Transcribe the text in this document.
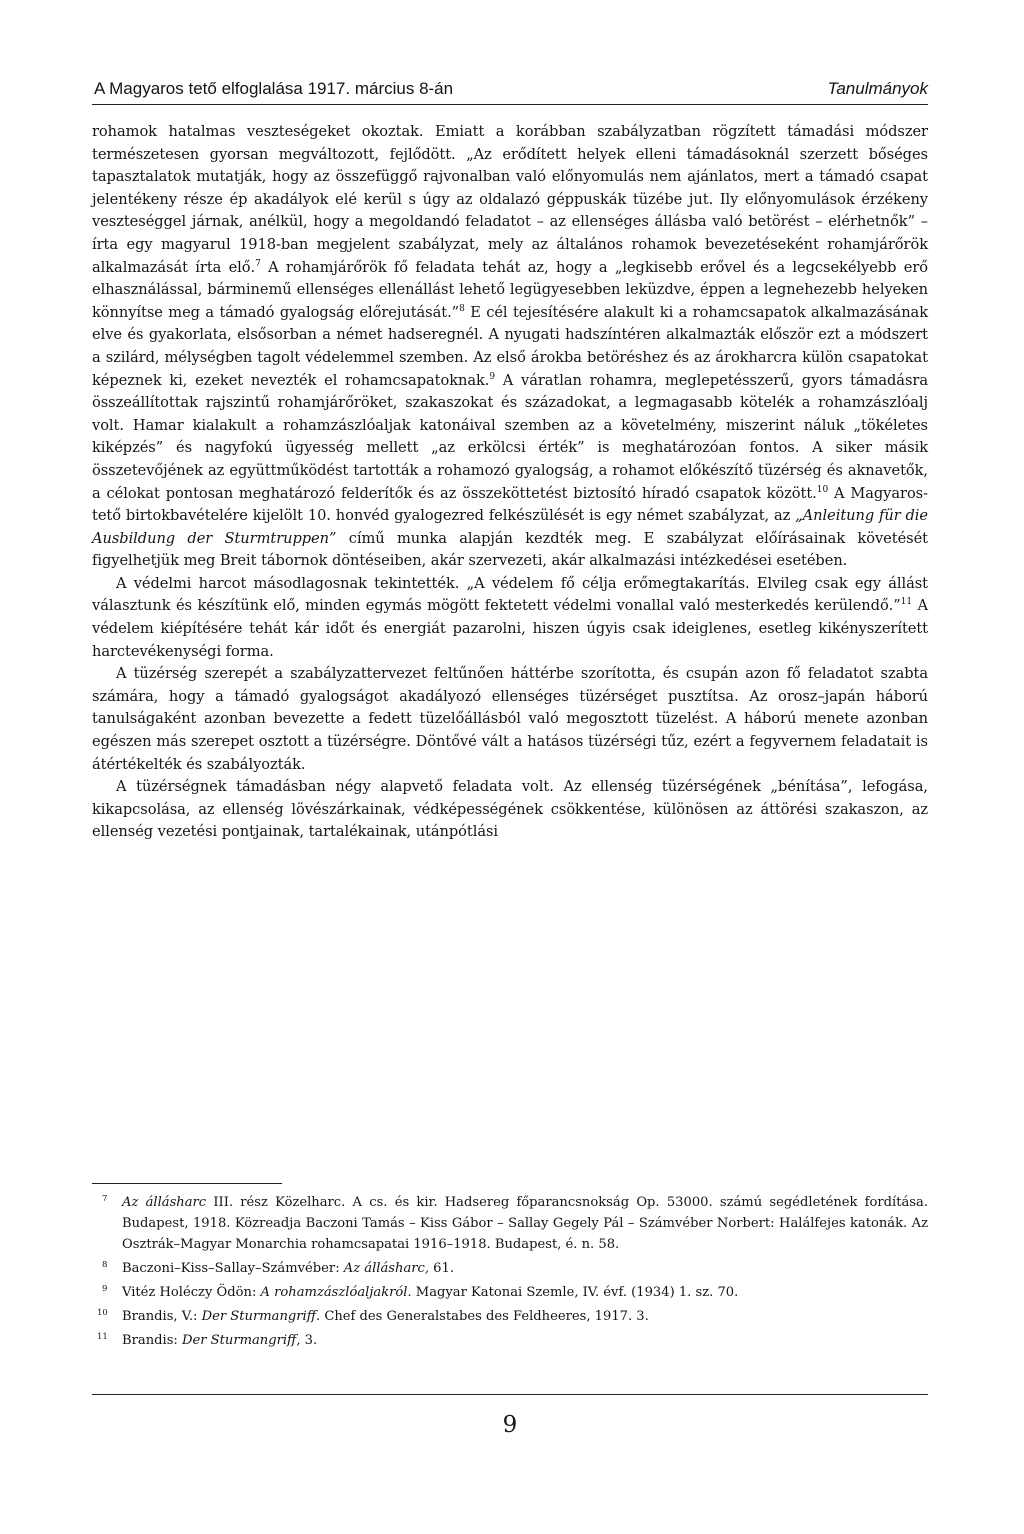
A Magyaros tető elfoglalása 1917. március 8-án	Tanulmányok

rohamok hatalmas veszteségeket okoztak. Emiatt a korábban szabályzatban rögzített támadási módszer természetesen gyorsan megváltozott, fejlődött. „Az erődített helyek elleni támadásoknál szerzett bőséges tapasztalatok mutatják, hogy az összefüggő rajvonalban való előnyomulás nem ajánlatos, mert a támadó csapat jelentékeny része ép akadályok elé kerül s úgy az oldalazó géppuskák tüzébe jut. Ily előnyomulások érzékeny veszteséggel járnak, anélkül, hogy a megoldandó feladatot – az ellenséges állásba való betörést – elérhetnők” – írta egy magyarul 1918-ban megjelent szabályzat, mely az általános rohamok bevezetéseként rohamjárőrök alkalmazását írta elő.$^7$ A rohamjárőrök fő feladata tehát az, hogy a „legkisebb erővel és a legcsekélyebb erő elhasználással, bárminemű ellenséges ellenállást lehető legügyesebben leküzdve, éppen a legnehezebb helyeken könnyítse meg a támadó gyalogság előrejutását.”$^8$ E cél tejesítésére alakult ki a rohamcsapatok alkalmazásának elve és gyakorlata, elsősorban a német hadseregnél. A nyugati hadszíntéren alkalmazták először ezt a módszert a szilárd, mélységben tagolt védelemmel szemben. Az első árokba betöréshez és az árokharcra külön csapatokat képeznek ki, ezeket nevezték el rohamcsapatoknak.$^9$ A váratlan rohamra, meglepetésszerű, gyors támadásra összeállítottak rajszintű rohamjárőröket, szakaszokat és századokat, a legmagasabb kötelék a rohamzászlóalj volt. Hamar kialakult a rohamzászlóaljak katonáival szemben az a követelmény, miszerint náluk „tökéletes kiképzés” és nagyfokú ügyesség mellett „az erkölcsi érték” is meghatározóan fontos. A siker másik összetevőjének az együttműködést tartották a rohamozó gyalogság, a rohamot előkészítő tüzérség és aknavetők, a célokat pontosan meghatározó felderítők és az összeköttetést biztosító híradó csapatok között.$^{10}$ A Magyaros-tető birtokbavételére kijelölt 10. honvéd gyalogezred felkészülését is egy német szabályzat, az „Anleitung für die Ausbildung der Sturmtruppen” című munka alapján kezdték meg. E szabályzat előírásainak követését figyelhetjük meg Breit tábornok döntéseiben, akár szervezeti, akár alkalmazási intézkedései esetében.

A védelmi harcot másodlagosnak tekintették. „A védelem fő célja erőmegtakarítás. Elvileg csak egy állást választunk és készítünk elő, minden egymás mögött fektetett védelmi vonallal való mesterkedés kerülendő.”$^{11}$ A védelem kiépítésére tehát kár időt és energiát pazarolni, hiszen úgyis csak ideiglenes, esetleg kikényszerített harctevékenységi forma.

A tüzérség szerepét a szabályzattervezet feltűnően háttérbe szorította, és csupán azon fő feladatot szabta számára, hogy a támadó gyalogságot akadályozó ellenséges tüzérséget pusztítsa. Az orosz–japán háború tanulságaként azonban bevezette a fedett tüzelőállásból való megosztott tüzelést. A háború menete azonban egészen más szerepet osztott a tüzérségre. Döntővé vált a hatásos tüzérségi tűz, ezért a fegyvernem feladatait is átértékelték és szabályozták.

A tüzérségnek támadásban négy alapvető feladata volt. Az ellenség tüzérségének „bénítása”, lefogása, kikapcsolása, az ellenség lövészárkainak, védképességének csökkentése, különösen az áttörési szakaszon, az ellenség vezetési pontjainak, tartalékainak, utánpótlási

7 Az állásharc III. rész Közelharc. A cs. és kir. Hadsereg főparancsnokság Op. 53000. számú segédletének fordítása. Budapest, 1918. Közreadja Baczoni Tamás – Kiss Gábor – Sallay Gegely Pál – Számvéber Norbert: Halálfejes katonák. Az Osztrák–Magyar Monarchia rohamcsapatai 1916–1918. Budapest, é. n. 58.

8 Baczoni–Kiss–Sallay–Számvéber: Az állásharc, 61.

9 Vitéz Holéczy Ödön: A rohamzászlóaljakról. Magyar Katonai Szemle, IV. évf. (1934) 1. sz. 70.

10 Brandis, V.: Der Sturmangriff. Chef des Generalstabes des Feldheeres, 1917. 3.

11 Brandis: Der Sturmangriff, 3.

9
